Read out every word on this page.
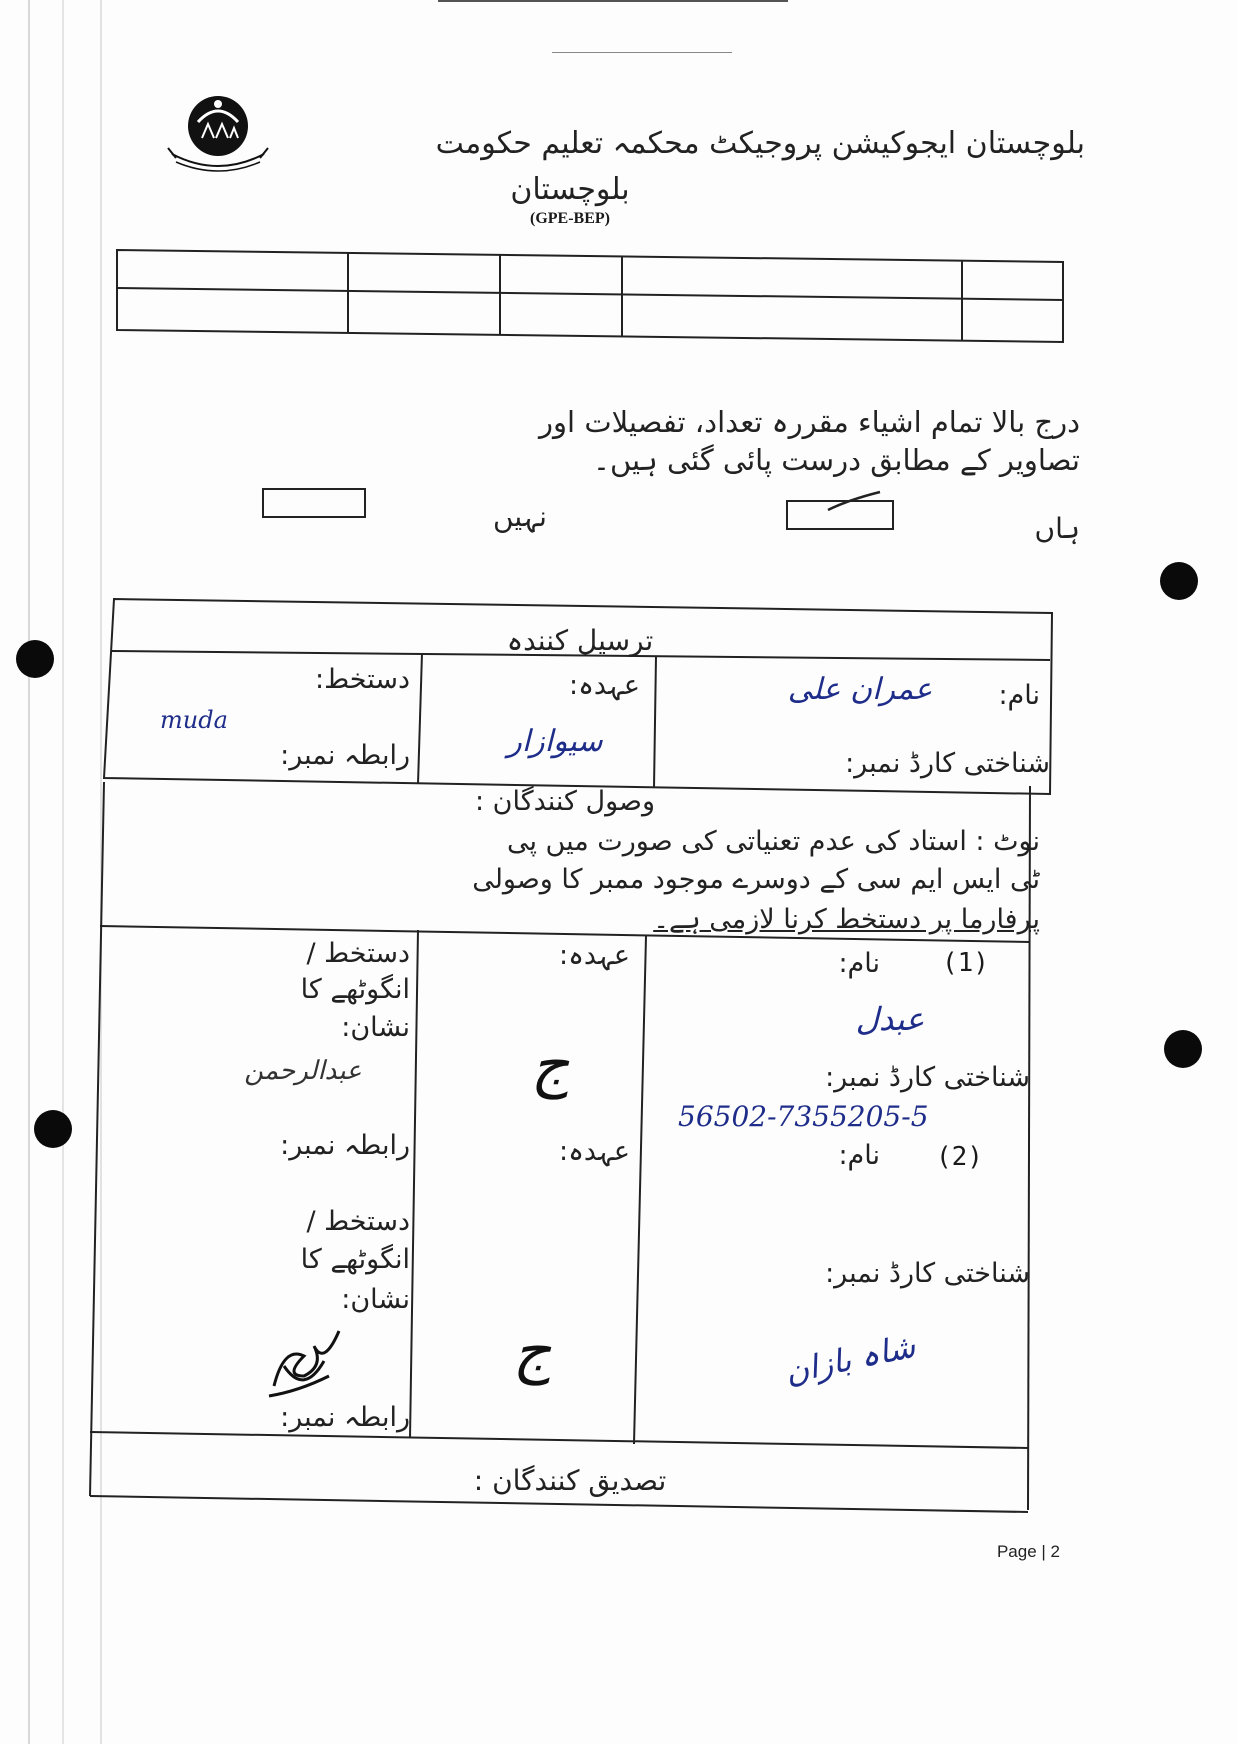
بلوچستان ایجوکیشن پروجیکٹ محکمہ تعلیم حکومت
بلوچستان
(GPE-BEP)
درج بالا تمام اشیاء مقررہ تعداد، تفصیلات اور
تصاویر کے مطابق درست پائی گئی ہیں۔
نہیں	ہاں
ترسیل کنندہ
نام:
عمران علی
شناختی کارڈ نمبر:
عہدہ:
سیوازار
دستخط:
muda
رابطہ نمبر:
وصول کنندگان :
نوٹ : استاد کی عدم تعنیاتی کی صورت میں پی
ٹی ایس ایم سی کے دوسرے موجود ممبر کا وصولی
پرفارما پر دستخط کرنا لازمی ہے۔
(1)
نام:
عبدل
شناختی کارڈ نمبر:
56502-7355205-5
(2)
نام:
شناختی کارڈ نمبر:
شاہ بازان
عہدہ:
ج
عہدہ:
ج
دستخط /
انگوٹھے کا
نشان:
عبدالرحمن
رابطہ نمبر:
دستخط /
انگوٹھے کا
نشان:
رابطہ نمبر:
تصدیق کنندگان :
Page | 2
